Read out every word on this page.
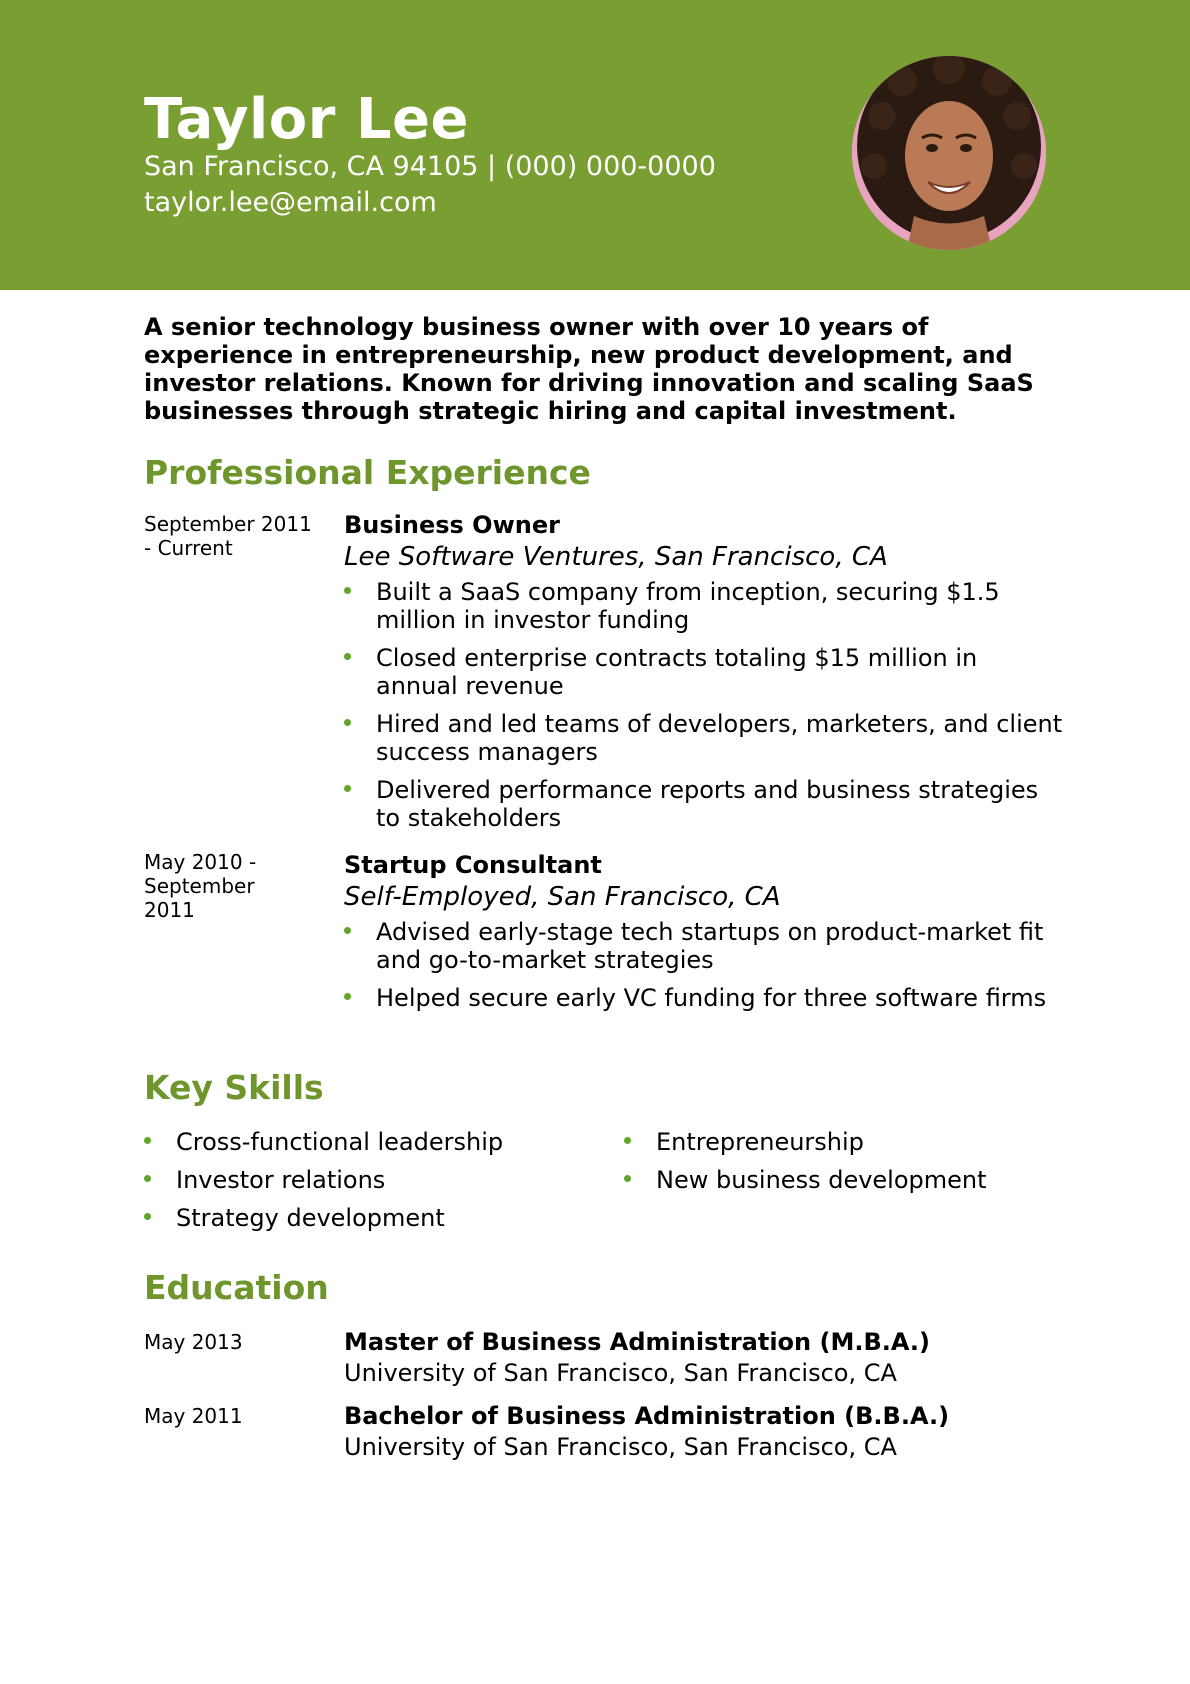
Taylor Lee
San Francisco, CA 94105 | (000) 000-0000
taylor.lee@email.com
A senior technology business owner with over 10 years of experience in entrepreneurship, new product development, and investor relations. Known for driving innovation and scaling SaaS businesses through strategic hiring and capital investment.
Professional Experience
September 2011 - Current
Business Owner
Lee Software Ventures, San Francisco, CA
Built a SaaS company from inception, securing $1.5 million in investor funding
Closed enterprise contracts totaling $15 million in annual revenue
Hired and led teams of developers, marketers, and client success managers
Delivered performance reports and business strategies to stakeholders
May 2010 - September 2011
Startup Consultant
Self-Employed, San Francisco, CA
Advised early-stage tech startups on product-market fit and go-to-market strategies
Helped secure early VC funding for three software firms
Key Skills
Cross-functional leadership
Investor relations
Strategy development
Entrepreneurship
New business development
Education
May 2013	Master of Business Administration (M.B.A.)
University of San Francisco, San Francisco, CA
May 2011	Bachelor of Business Administration (B.B.A.)
University of San Francisco, San Francisco, CA
